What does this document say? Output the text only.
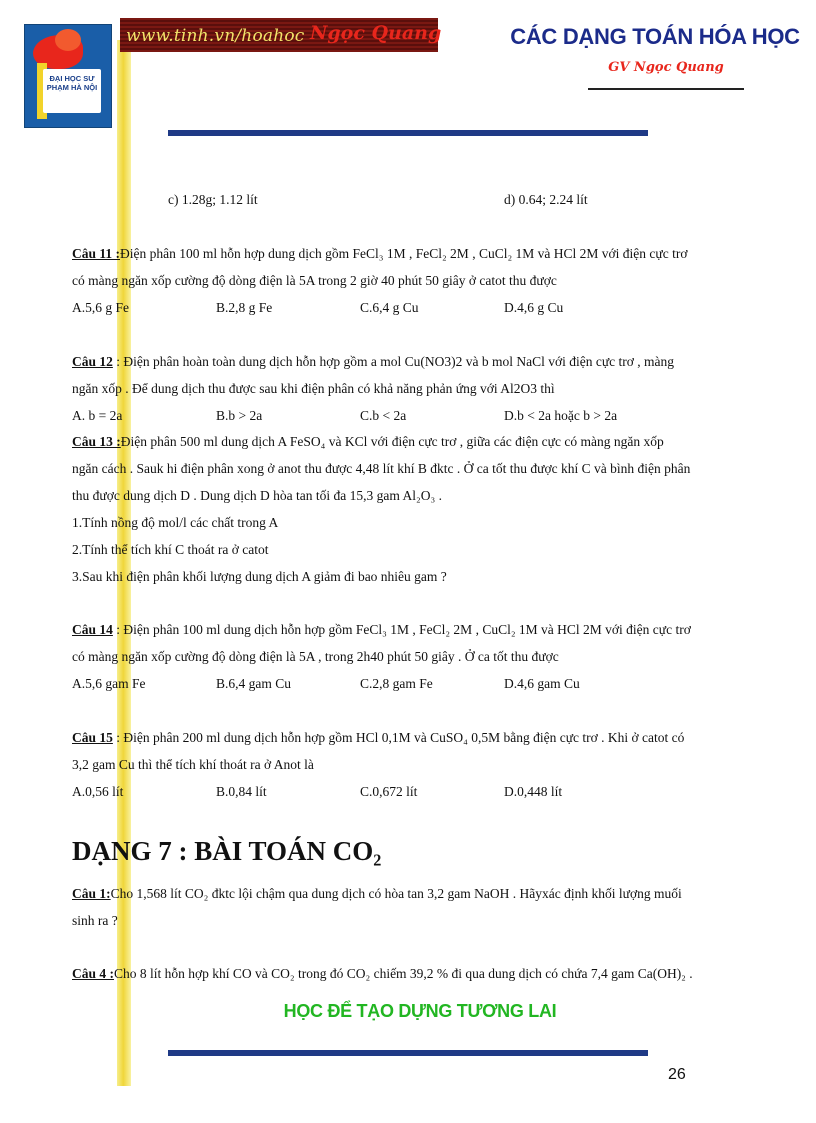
ĐẠI HỌC SƯ PHẠM HÀ NỘI
www.tinh.vn/hoahoc Ngọc Quang	CÁC DẠNG TOÁN HÓA HỌC
GV Ngọc Quang
c) 1.28g; 1.12 lít	d) 0.64; 2.24 lít
Câu 11 :Điện phân 100 ml hỗn hợp dung dịch gồm FeCl₃ 1M , FeCl₂ 2M , CuCl₂ 1M và HCl 2M với điện cực trơ
có màng ngăn xốp cường độ dòng điện là 5A trong 2 giờ 40 phút 50 giây ở catot thu được
A.5,6 g Fe	B.2,8 g Fe	C.6,4 g Cu	D.4,6 g Cu
Câu 12 : Điện phân hoàn toàn dung dịch hỗn hợp gồm a mol Cu(NO3)2 và b mol NaCl với điện cực trơ , màng
ngăn xốp . Để dung dịch thu được sau khi điện phân có khả năng phản ứng với Al2O3 thì
A. b = 2a	B.b > 2a	C.b < 2a	D.b < 2a hoặc b > 2a
Câu 13 :Điện phân 500 ml dung dịch A FeSO₄ và KCl với điện cực trơ , giữa các điện cực có màng ngăn xốp
ngăn cách . Sauk hi điện phân xong ở anot thu được 4,48 lít khí B đktc . Ở ca tốt thu được khí C và bình điện phân
thu được dung dịch D . Dung dịch D hòa tan tối đa 15,3 gam Al₂O₃ .
1.Tính nồng độ mol/l các chất trong A
2.Tính thể tích khí C thoát ra ở catot
3.Sau khi điện phân khối lượng dung dịch A giảm đi bao nhiêu gam ?
Câu 14 : Điện phân 100 ml dung dịch hỗn hợp gồm FeCl₃ 1M , FeCl₂ 2M , CuCl₂ 1M và HCl 2M với điện cực trơ
có màng ngăn xốp cường độ dòng điện là 5A , trong 2h40 phút 50 giây . Ở ca tốt thu được
A.5,6 gam Fe	B.6,4 gam Cu	C.2,8 gam Fe	D.4,6 gam Cu
Câu 15 : Điện phân 200 ml dung dịch hỗn hợp gồm HCl 0,1M và CuSO₄ 0,5M bằng điện cực trơ . Khi ở catot có
3,2 gam Cu thì thể tích khí thoát ra ở Anot là
A.0,56 lít	B.0,84 lít	C.0,672 lít	D.0,448 lít
DẠNG 7 : BÀI TOÁN CO₂
Câu 1:Cho 1,568 lít CO₂ đktc lội chậm qua dung dịch có hòa tan 3,2 gam NaOH . Hãyxác định khối lượng muối
sinh ra ?
Câu 4 :Cho 8 lít hỗn hợp khí CO và CO₂ trong đó CO₂ chiếm 39,2 % đi qua dung dịch có chứa 7,4 gam Ca(OH)₂ .
HỌC ĐỂ TẠO DỰNG TƯƠNG LAI
26
